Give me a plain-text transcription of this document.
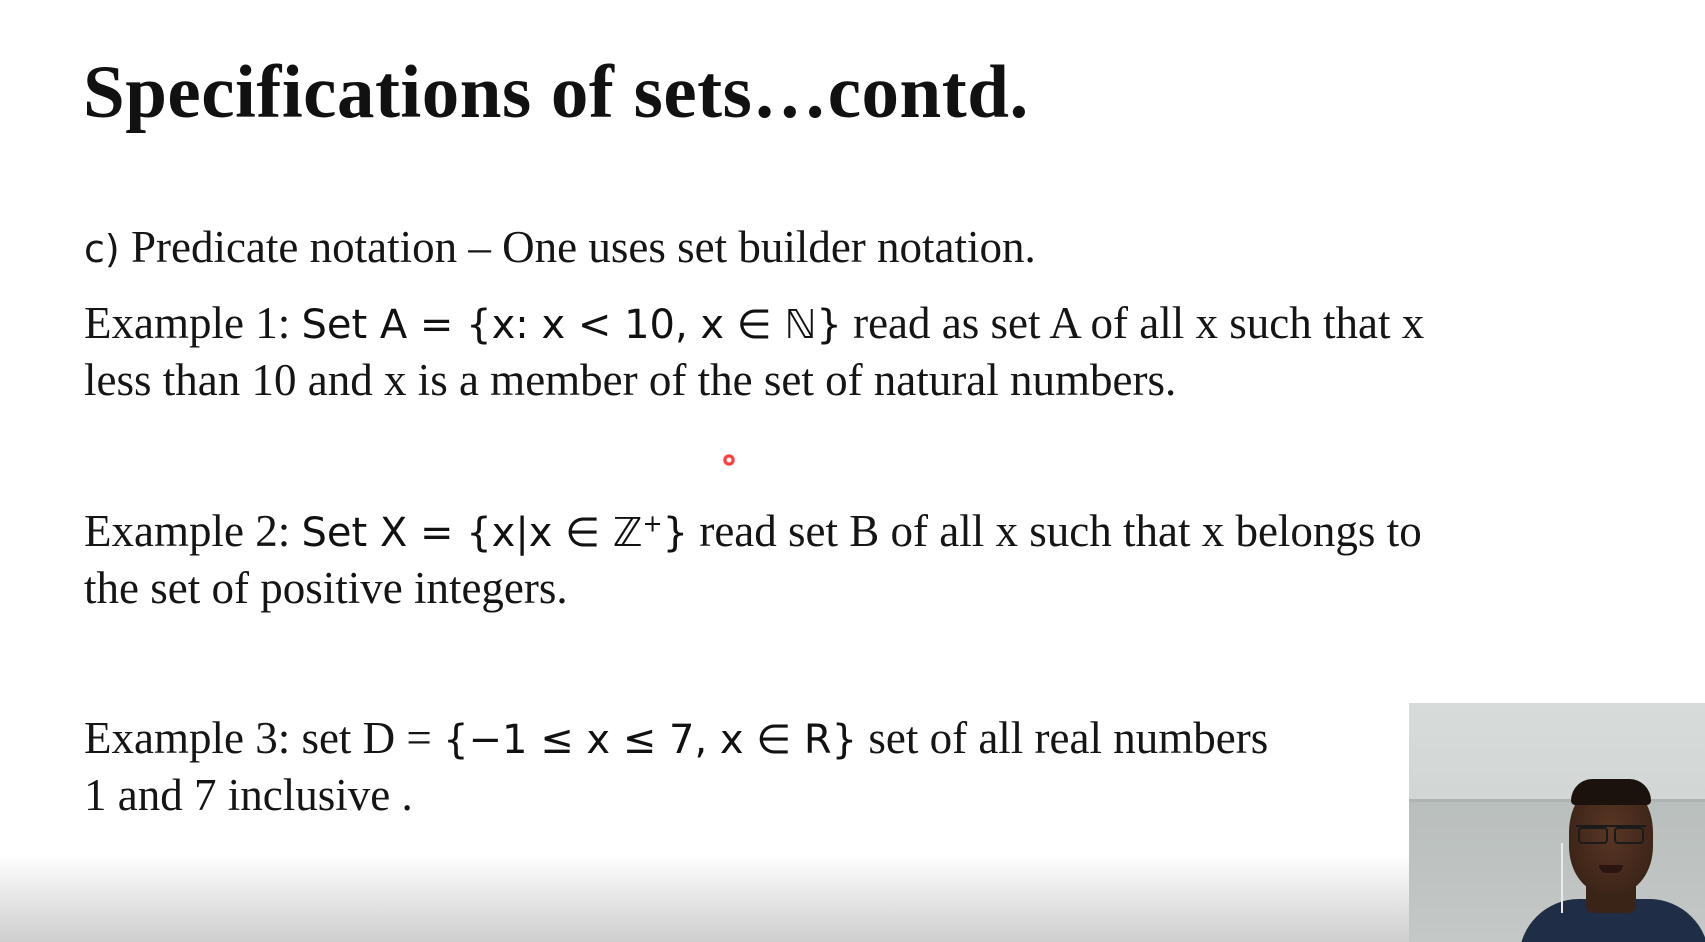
Specifications of sets…contd.
c) Predicate notation – One uses set builder notation.
Example 1: Set A = {x: x < 10, x ∈ ℕ} read as set A of all x such that x
less than 10 and x is a member of the set of natural numbers.
Example 2: Set X = {x|x ∈ ℤ+} read set B of all x such that x belongs to
the set of positive integers.
Example 3: set D = {−1 ≤ x ≤ 7, x ∈ R} set of all real numbers
1 and 7 inclusive .
